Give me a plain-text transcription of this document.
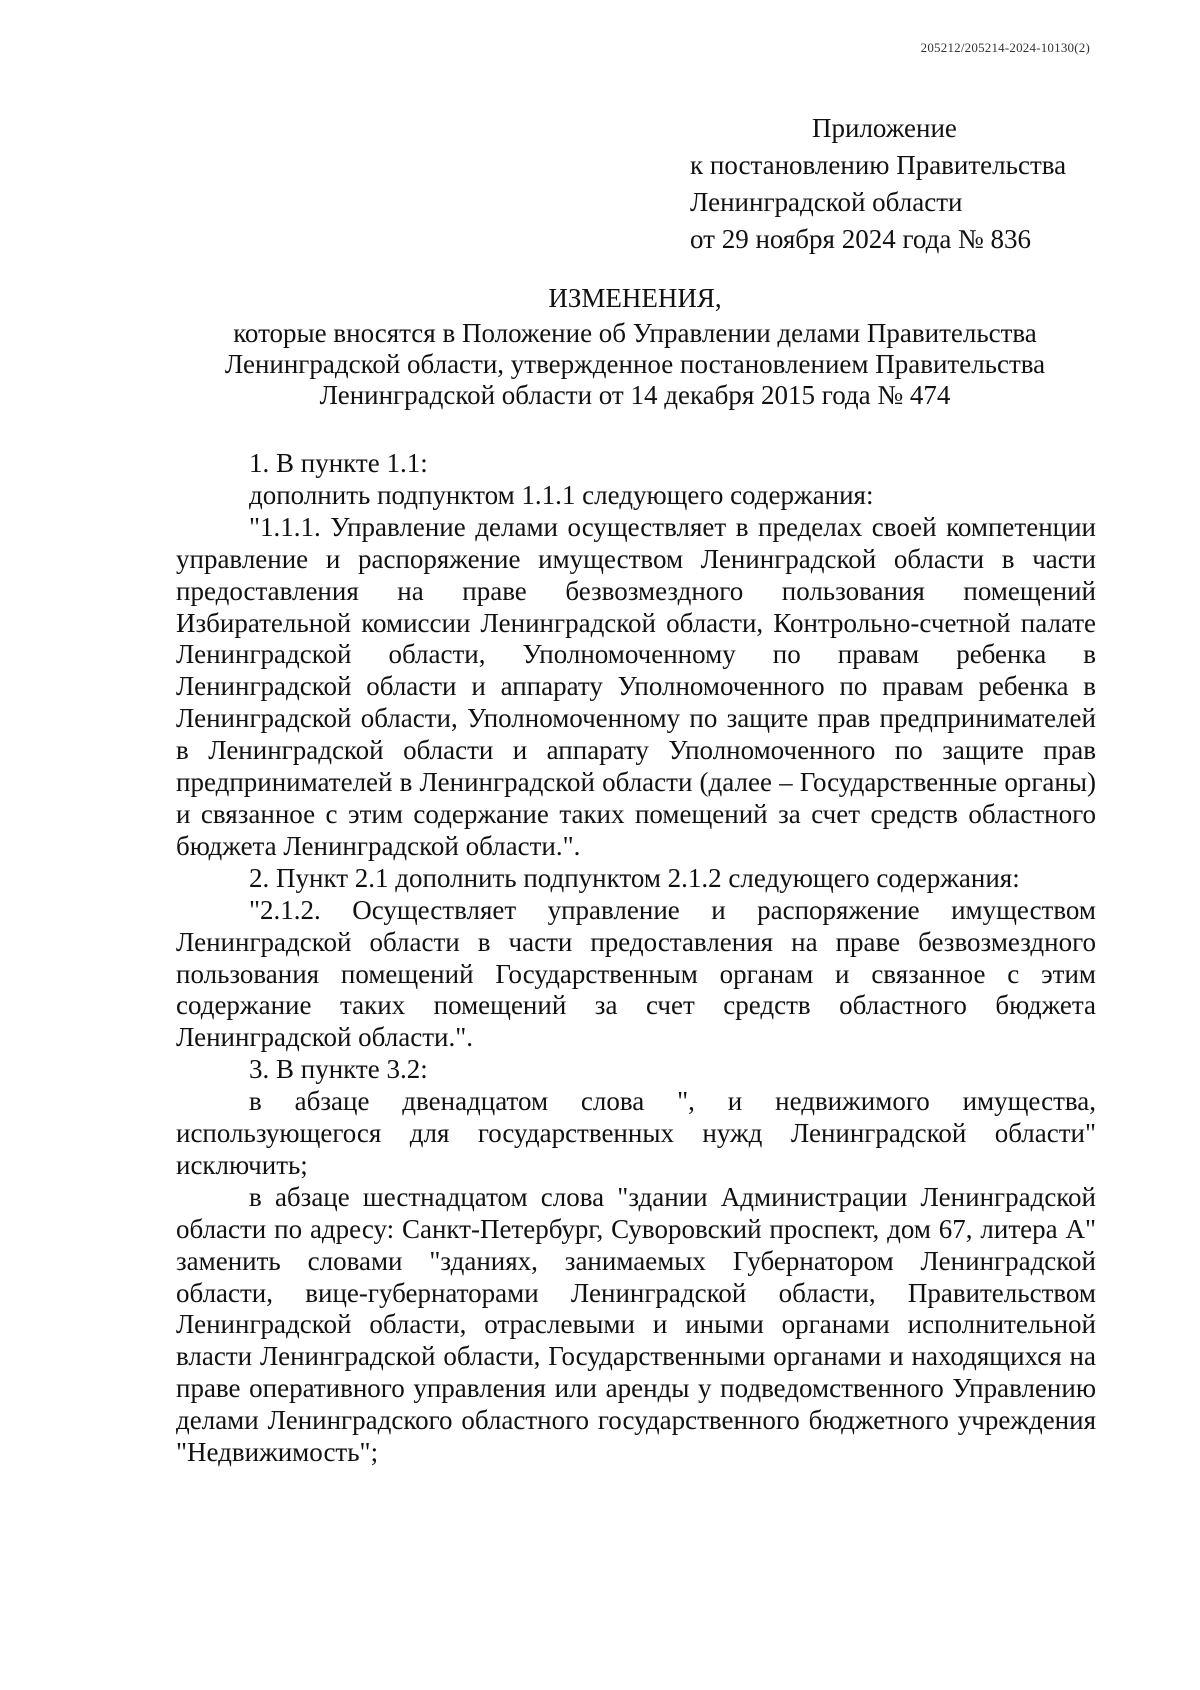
205212/205214-2024-10130(2)
Приложение
к постановлению Правительства
Ленинградской области
от 29 ноября 2024 года № 836
ИЗМЕНЕНИЯ,
которые вносятся в Положение об Управлении делами Правительства
Ленинградской области, утвержденное постановлением Правительства
Ленинградской области от 14 декабря 2015 года № 474

1. В пункте 1.1:

дополнить подпунктом 1.1.1 следующего содержания:

"1.1.1. Управление делами осуществляет в пределах своей компетенции управление и распоряжение имуществом Ленинградской области в части предоставления на праве безвозмездного пользования помещений Избирательной комиссии Ленинградской области, Контрольно-счетной палате Ленинградской области, Уполномоченному по правам ребенка в Ленинградской области и аппарату Уполномоченного по правам ребенка в Ленинградской области, Уполномоченному по защите прав предпринимателей в Ленинградской области и аппарату Уполномоченного по защите прав предпринимателей в Ленинградской области (далее – Государственные органы) и связанное с этим содержание таких помещений за счет средств областного бюджета Ленинградской области.".

2. Пункт 2.1 дополнить подпунктом 2.1.2 следующего содержания:

"2.1.2. Осуществляет управление и распоряжение имуществом Ленинградской области в части предоставления на праве безвозмездного пользования помещений Государственным органам и связанное с этим содержание таких помещений за счет средств областного бюджета Ленинградской области.".

3. В пункте 3.2:

в абзаце двенадцатом слова ", и недвижимого имущества, использующегося для государственных нужд Ленинградской области" исключить;

в абзаце шестнадцатом слова "здании Администрации Ленинградской области по адресу: Санкт-Петербург, Суворовский проспект, дом 67, литера А" заменить словами "зданиях, занимаемых Губернатором Ленинградской области, вице-губернаторами Ленинградской области, Правительством Ленинградской области, отраслевыми и иными органами исполнительной власти Ленинградской области, Государственными органами и находящихся на праве оперативного управления или аренды у подведомственного Управлению делами Ленинградского областного государственного бюджетного учреждения "Недвижимость";
